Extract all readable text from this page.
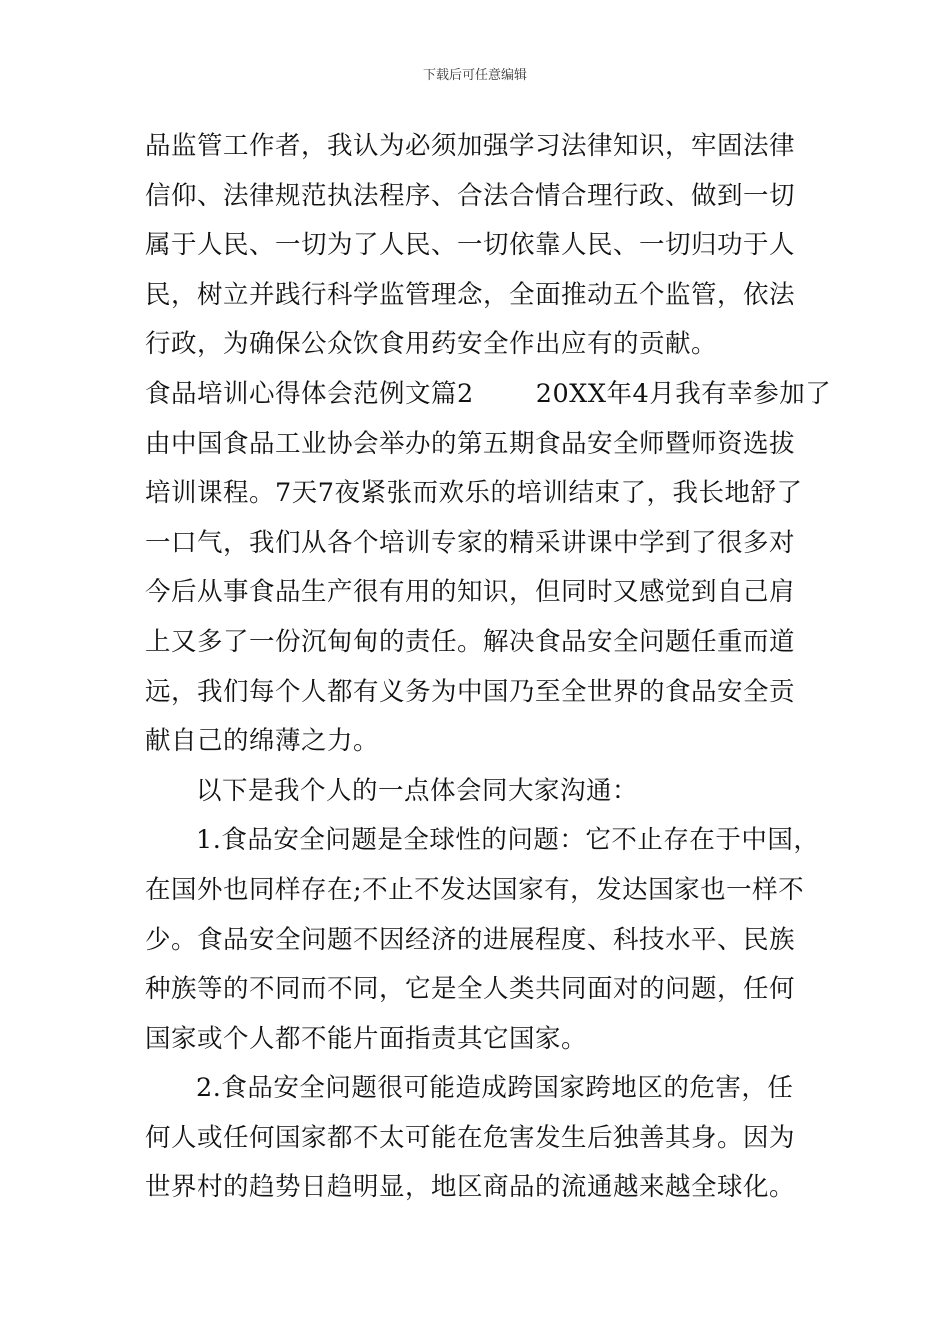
下载后可任意编辑
品监管工作者，我认为必须加强学习法律知识，牢固法律
信仰、法律规范执法程序、合法合情合理行政、做到一切
属于人民、一切为了人民、一切依靠人民、一切归功于人
民，树立并践行科学监管理念，全面推动五个监管，依法
行政，为确保公众饮食用药安全作出应有的贡献。
食品培训心得体会范例文篇2 20XX年4月我有幸参加了
由中国食品工业协会举办的第五期食品安全师暨师资选拔
培训课程。7天7夜紧张而欢乐的培训结束了，我长地舒了
一口气，我们从各个培训专家的精采讲课中学到了很多对
今后从事食品生产很有用的知识，但同时又感觉到自己肩
上又多了一份沉甸甸的责任。解决食品安全问题任重而道
远，我们每个人都有义务为中国乃至全世界的食品安全贡
献自己的绵薄之力。
以下是我个人的一点体会同大家沟通：
1.食品安全问题是全球性的问题：它不止存在于中国，
在国外也同样存在;不止不发达国家有，发达国家也一样不
少。食品安全问题不因经济的进展程度、科技水平、民族
种族等的不同而不同，它是全人类共同面对的问题，任何
国家或个人都不能片面指责其它国家。
2.食品安全问题很可能造成跨国家跨地区的危害，任
何人或任何国家都不太可能在危害发生后独善其身。因为
世界村的趋势日趋明显，地区商品的流通越来越全球化。
